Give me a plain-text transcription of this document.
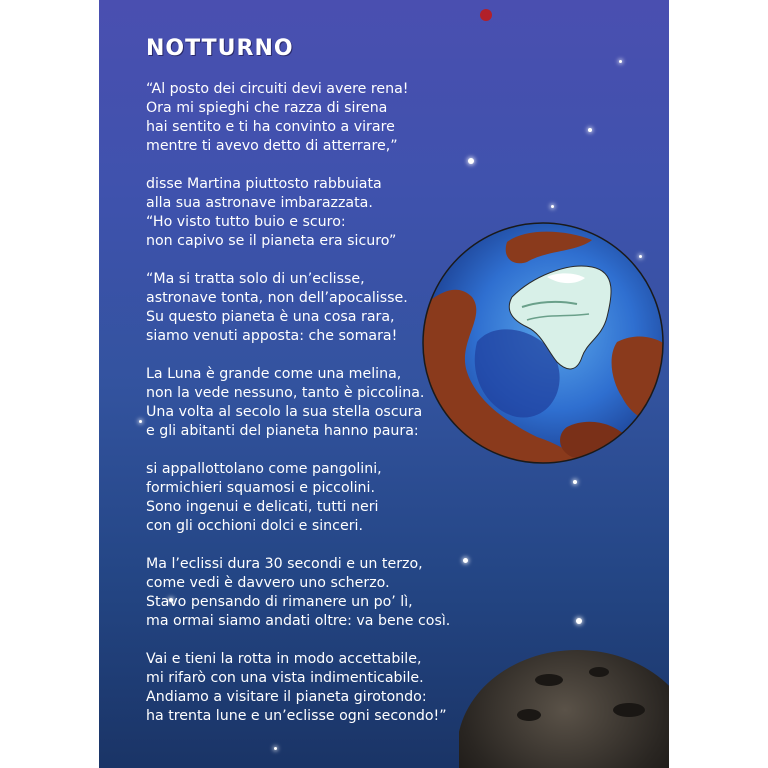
NOTTURNO
“Al posto dei circuiti devi avere rena!
Ora mi spieghi che razza di sirena
hai sentito e ti ha convinto a virare
mentre ti avevo detto di atterrare,”
disse Martina piuttosto rabbuiata
alla sua astronave imbarazzata.
“Ho visto tutto buio e scuro:
non capivo se il pianeta era sicuro”
“Ma si tratta solo di un’eclisse,
astronave tonta, non dell’apocalisse.
Su questo pianeta è una cosa rara,
siamo venuti apposta: che somara!
La Luna è grande come una melina,
non la vede nessuno, tanto è piccolina.
Una volta al secolo la sua stella oscura
e gli abitanti del pianeta hanno paura:
si appallottolano come pangolini,
formichieri squamosi e piccolini.
Sono ingenui e delicati, tutti neri
con gli occhioni dolci e sinceri.
Ma l’eclissi dura 30 secondi e un terzo,
come vedi è davvero uno scherzo.
Stavo pensando di rimanere un po’ lì,
ma ormai siamo andati oltre: va bene così.
Vai e tieni la rotta in modo accettabile,
mi rifarò con una vista indimenticabile.
Andiamo a visitare il pianeta girotondo:
ha trenta lune e un’eclisse ogni secondo!”
